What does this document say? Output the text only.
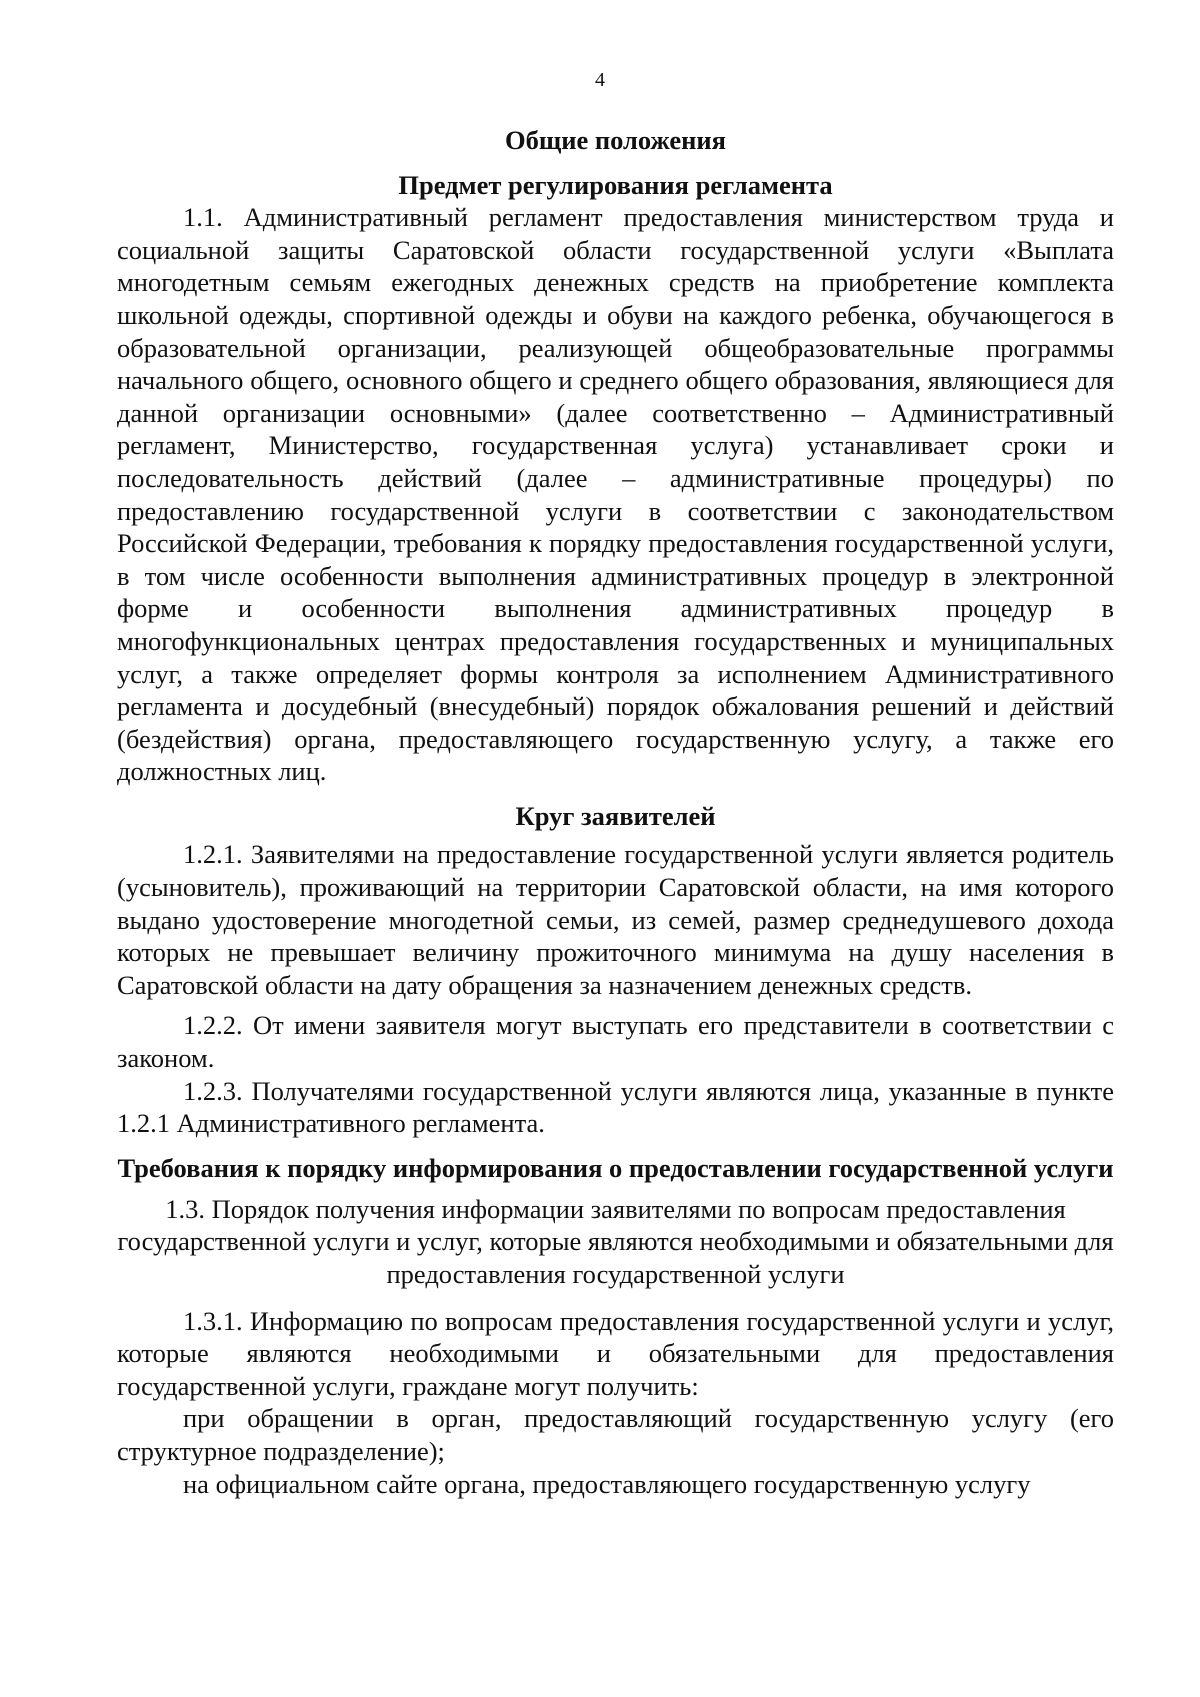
4

Общие положения

Предмет регулирования регламента

1.1. Административный регламент предоставления министерством труда и социальной защиты Саратовской области государственной услуги «Выплата многодетным семьям ежегодных денежных средств на приобретение комплекта школьной одежды, спортивной одежды и обуви на каждого ребенка, обучающегося в образовательной организации, реализующей общеобразовательные программы начального общего, основного общего и среднего общего образования, являющиеся для данной организации основными» (далее соответственно – Административный регламент, Министерство, государственная услуга) устанавливает сроки и последовательность действий (далее – административные процедуры) по предоставлению государственной услуги в соответствии с законодательством Российской Федерации, требования к порядку предоставления государственной услуги, в том числе особенности выполнения административных процедур в электронной форме и особенности выполнения административных процедур в многофункциональных центрах предоставления государственных и муниципальных услуг, а также определяет формы контроля за исполнением Административного регламента и досудебный (внесудебный) порядок обжалования решений и действий (бездействия) органа, предоставляющего государственную услугу, а также его должностных лиц.

Круг заявителей

1.2.1. Заявителями на предоставление государственной услуги является родитель (усыновитель), проживающий на территории Саратовской области, на имя которого выдано удостоверение многодетной семьи, из семей, размер среднедушевого дохода которых не превышает величину прожиточного минимума на душу населения в Саратовской области на дату обращения за назначением денежных средств.

1.2.2. От имени заявителя могут выступать его представители в соответствии с законом.

1.2.3. Получателями государственной услуги являются лица, указанные в пункте 1.2.1 Административного регламента.

Требования к порядку информирования о предоставлении государственной услуги

1.3. Порядок получения информации заявителями по вопросам предоставления государственной услуги и услуг, которые являются необходимыми и обязательными для предоставления государственной услуги

1.3.1. Информацию по вопросам предоставления государственной услуги и услуг, которые являются необходимыми и обязательными для предоставления государственной услуги, граждане могут получить:

при обращении в орган, предоставляющий государственную услугу (его структурное подразделение);

на официальном сайте органа, предоставляющего государственную услугу
